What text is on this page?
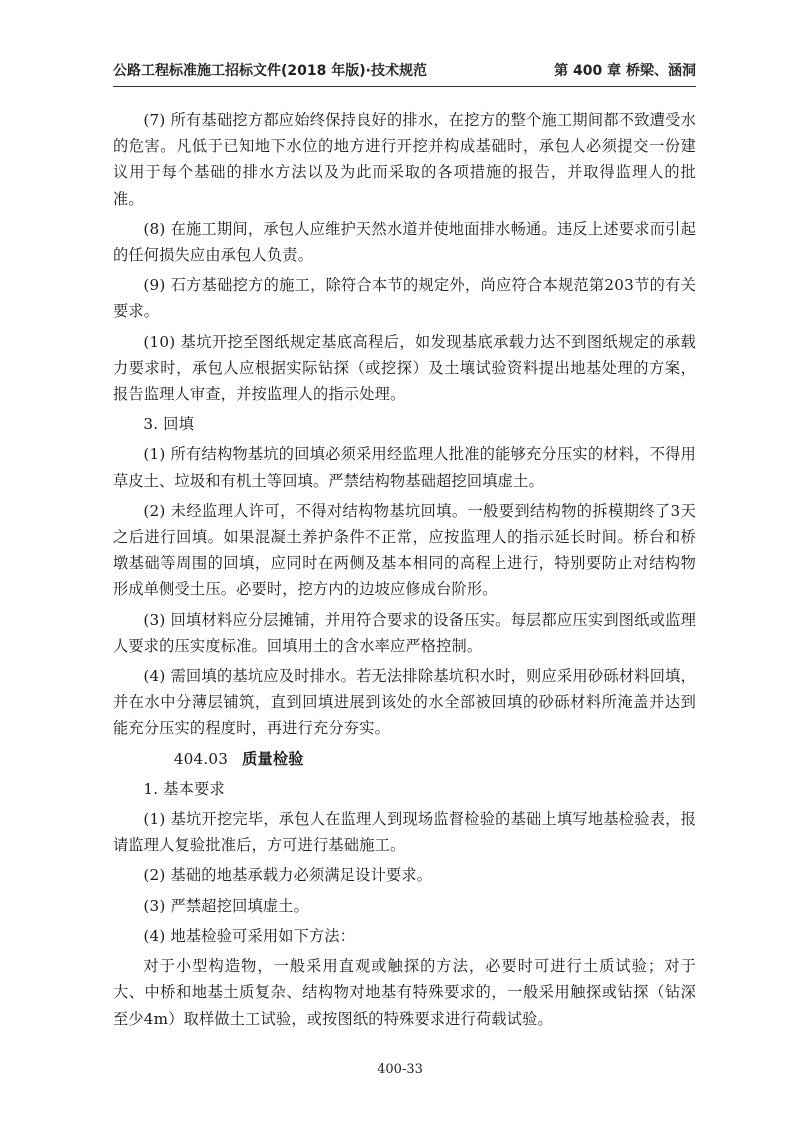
公路工程标准施工招标文件(2018 年版)·技术规范	第 400 章 桥梁、涵洞

(7) 所有基础挖方都应始终保持良好的排水，在挖方的整个施工期间都不致遭受水的危害。凡低于已知地下水位的地方进行开挖并构成基础时，承包人必须提交一份建议用于每个基础的排水方法以及为此而采取的各项措施的报告，并取得监理人的批准。

(8) 在施工期间，承包人应维护天然水道并使地面排水畅通。违反上述要求而引起的任何损失应由承包人负责。

(9) 石方基础挖方的施工，除符合本节的规定外，尚应符合本规范第203节的有关要求。

(10) 基坑开挖至图纸规定基底高程后，如发现基底承载力达不到图纸规定的承载力要求时，承包人应根据实际钻探（或挖探）及土壤试验资料提出地基处理的方案，报告监理人审查，并按监理人的指示处理。

3. 回填

(1) 所有结构物基坑的回填必须采用经监理人批准的能够充分压实的材料，不得用草皮土、垃圾和有机土等回填。严禁结构物基础超挖回填虚土。

(2) 未经监理人许可，不得对结构物基坑回填。一般要到结构物的拆模期终了3天之后进行回填。如果混凝土养护条件不正常，应按监理人的指示延长时间。桥台和桥墩基础等周围的回填，应同时在两侧及基本相同的高程上进行，特别要防止对结构物形成单侧受土压。必要时，挖方内的边坡应修成台阶形。

(3) 回填材料应分层摊铺，并用符合要求的设备压实。每层都应压实到图纸或监理人要求的压实度标准。回填用土的含水率应严格控制。

(4) 需回填的基坑应及时排水。若无法排除基坑积水时，则应采用砂砾材料回填，并在水中分薄层铺筑，直到回填进展到该处的水全部被回填的砂砾材料所淹盖并达到能充分压实的程度时，再进行充分夯实。

404.03 质量检验

1. 基本要求

(1) 基坑开挖完毕，承包人在监理人到现场监督检验的基础上填写地基检验表，报请监理人复验批准后，方可进行基础施工。

(2) 基础的地基承载力必须满足设计要求。

(3) 严禁超挖回填虚土。

(4) 地基检验可采用如下方法：

对于小型构造物，一般采用直观或触探的方法，必要时可进行土质试验；对于大、中桥和地基土质复杂、结构物对地基有特殊要求的，一般采用触探或钻探（钻深至少4m）取样做土工试验，或按图纸的特殊要求进行荷载试验。

400-33
